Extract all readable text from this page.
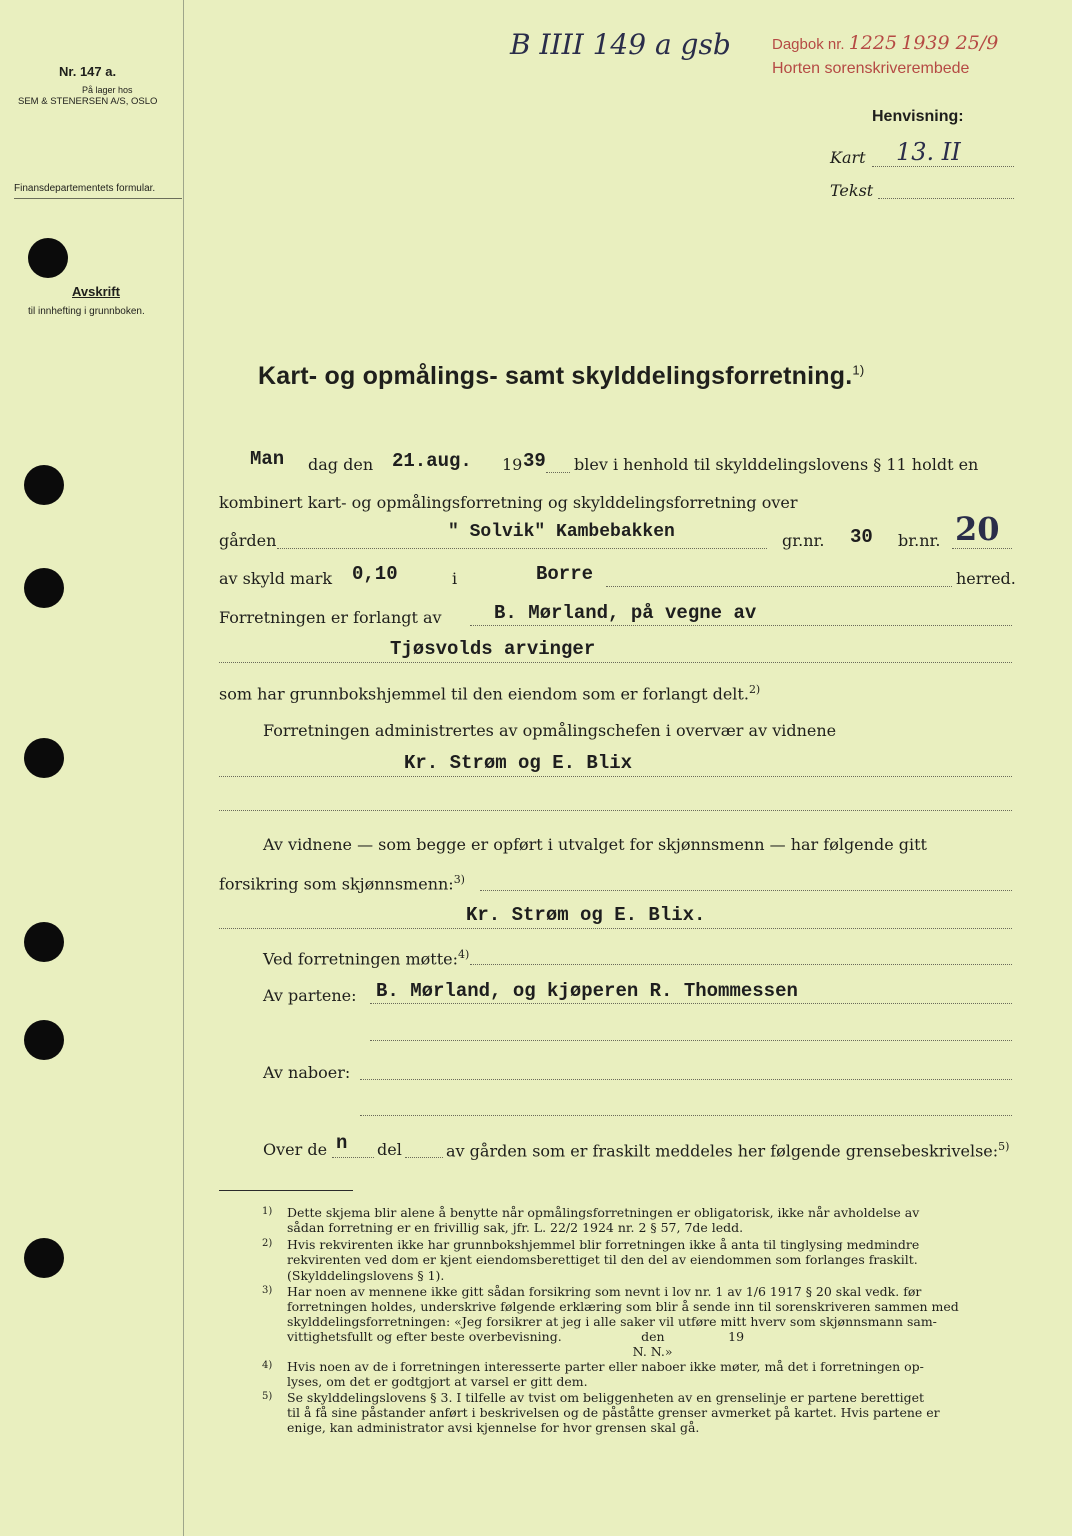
Nr. 147 a.
På lager hos
SEM & STENERSEN A/S, OSLO
Finansdepartementets formular.
Avskrift
til innhefting i grunnboken.
B IIII 149 a gsb	Dagbok nr. 1225 1939 25/9
Horten sorenskriverembede
Henvisning:
Kart 13. II
Tekst
Kart- og opmålings- samt skylddelingsforretning.$^{1)}$
Man dag den 21.aug. 19 39 blev i henhold til skylddelingslovens § 11 holdt en
kombinert kart- og opmålingsforretning og skylddelingsforretning over
gården	" Solvik" Kambebakken	gr.nr. 30 br.nr. 20
av skyld mark 0,10	i	Borre	herred.
Forretningen er forlangt av	B. Mørland, på vegne av
Tjøsvolds arvinger
som har grunnbokshjemmel til den eiendom som er forlangt delt.$^{2)}$
Forretningen administrertes av opmålingschefen i overvær av vidnene
Kr. Strøm og E. Blix
Av vidnene — som begge er opført i utvalget for skjønnsmenn — har følgende gitt
forsikring som skjønnsmenn:$^{3)}$
Kr. Strøm og E. Blix.
Ved forretningen møtte:$^{4)}$
Av partene: B. Mørland, og kjøperen R. Thommessen
Av naboer:
Over de n del	av gården som er fraskilt meddeles her følgende grensebeskrivelse:$^{5)}$
1) Dette skjema blir alene å benytte når opmålingsforretningen er obligatorisk, ikke når avholdelse av
sådan forretning er en frivillig sak, jfr. L. 22/2 1924 nr. 2 § 57, 7de ledd.
2) Hvis rekvirenten ikke har grunnbokshjemmel blir forretningen ikke å anta til tinglysing medmindre
rekvirenten ved dom er kjent eiendomsberettiget til den del av eiendommen som forlanges fraskilt.
(Skylddelingslovens § 1).
3) Har noen av mennene ikke gitt sådan forsikring som nevnt i lov nr. 1 av 1/6 1917 § 20 skal vedk. før
forretningen holdes, underskrive følgende erklæring som blir å sende inn til sorenskriveren sammen med
skylddelingsforretningen: «Jeg forsikrer at jeg i alle saker vil utføre mitt hverv som skjønnsmann sam-
vittighetsfullt og efter beste overbevisning.                    den                19
N. N.»
4) Hvis noen av de i forretningen interesserte parter eller naboer ikke møter, må det i forretningen op-
lyses, om det er godtgjort at varsel er gitt dem.
5) Se skylddelingslovens § 3. I tilfelle av tvist om beliggenheten av en grenselinje er partene berettiget
til å få sine påstander anført i beskrivelsen og de påståtte grenser avmerket på kartet. Hvis partene er
enige, kan administrator avsi kjennelse for hvor grensen skal gå.
